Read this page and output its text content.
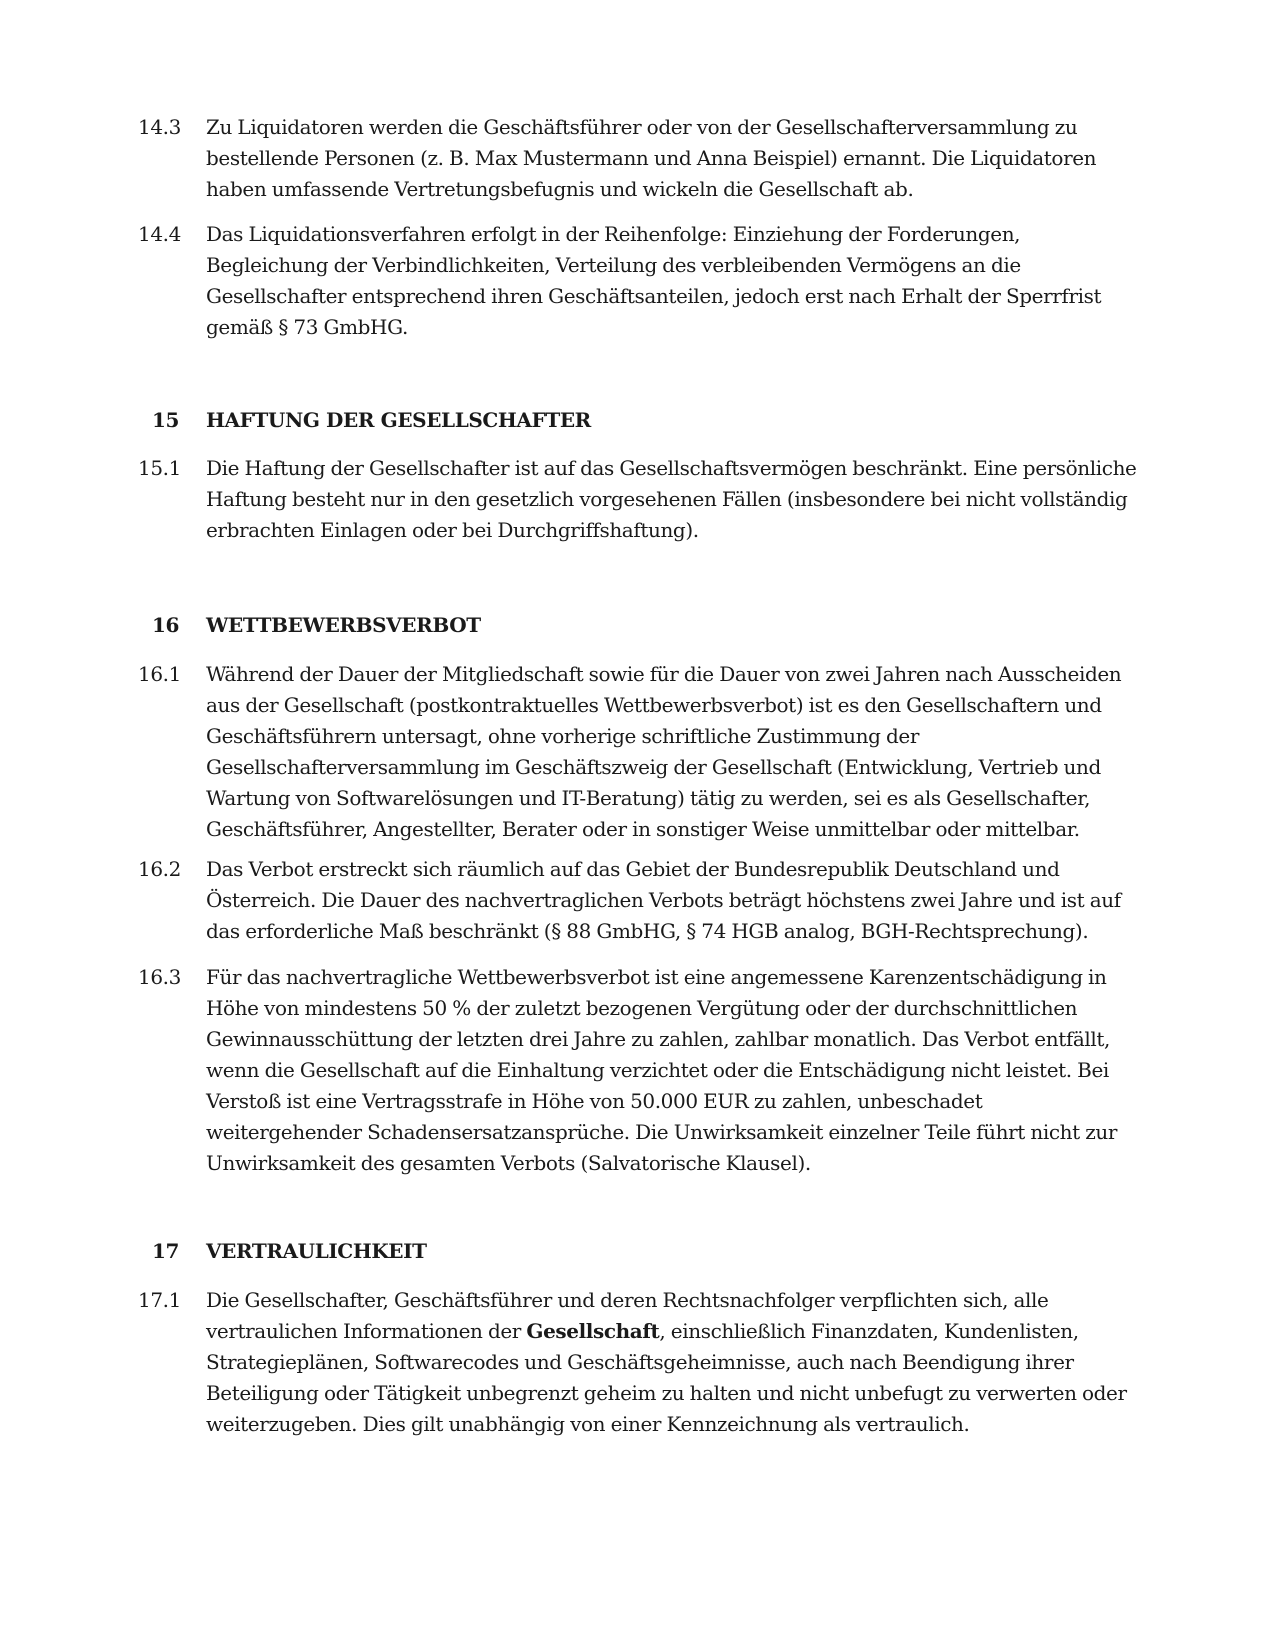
14.3 Zu Liquidatoren werden die Geschäftsführer oder von der Gesellschafterversammlung zu bestellende Personen (z. B. Max Mustermann und Anna Beispiel) ernannt. Die Liquidatoren haben umfassende Vertretungsbefugnis und wickeln die Gesellschaft ab.
14.4 Das Liquidationsverfahren erfolgt in der Reihenfolge: Einziehung der Forderungen, Begleichung der Verbindlichkeiten, Verteilung des verbleibenden Vermögens an die Gesellschafter entsprechend ihren Geschäftsanteilen, jedoch erst nach Erhalt der Sperrfrist gemäß § 73 GmbHG.
15 HAFTUNG DER GESELLSCHAFTER
15.1 Die Haftung der Gesellschafter ist auf das Gesellschaftsvermögen beschränkt. Eine persönliche Haftung besteht nur in den gesetzlich vorgesehenen Fällen (insbesondere bei nicht vollständig erbrachten Einlagen oder bei Durchgriffshaftung).
16 WETTBEWERBSVERBOT
16.1 Während der Dauer der Mitgliedschaft sowie für die Dauer von zwei Jahren nach Ausscheiden aus der Gesellschaft (postkontraktuelles Wettbewerbsverbot) ist es den Gesellschaftern und Geschäftsführern untersagt, ohne vorherige schriftliche Zustimmung der Gesellschafterversammlung im Geschäftszweig der Gesellschaft (Entwicklung, Vertrieb und Wartung von Softwarelösungen und IT-Beratung) tätig zu werden, sei es als Gesellschafter, Geschäftsführer, Angestellter, Berater oder in sonstiger Weise unmittelbar oder mittelbar.
16.2 Das Verbot erstreckt sich räumlich auf das Gebiet der Bundesrepublik Deutschland und Österreich. Die Dauer des nachvertraglichen Verbots beträgt höchstens zwei Jahre und ist auf das erforderliche Maß beschränkt (§ 88 GmbHG, § 74 HGB analog, BGH-Rechtsprechung).
16.3 Für das nachvertragliche Wettbewerbsverbot ist eine angemessene Karenzentschädigung in Höhe von mindestens 50 % der zuletzt bezogenen Vergütung oder der durchschnittlichen Gewinnausschüttung der letzten drei Jahre zu zahlen, zahlbar monatlich. Das Verbot entfällt, wenn die Gesellschaft auf die Einhaltung verzichtet oder die Entschädigung nicht leistet. Bei Verstoß ist eine Vertragsstrafe in Höhe von 50.000 EUR zu zahlen, unbeschadet weitergehender Schadensersatzansprüche. Die Unwirksamkeit einzelner Teile führt nicht zur Unwirksamkeit des gesamten Verbots (Salvatorische Klausel).
17 VERTRAULICHKEIT
17.1 Die Gesellschafter, Geschäftsführer und deren Rechtsnachfolger verpflichten sich, alle vertraulichen Informationen der Gesellschaft, einschließlich Finanzdaten, Kundenlisten, Strategieplänen, Softwarecodes und Geschäftsgeheimnisse, auch nach Beendigung ihrer Beteiligung oder Tätigkeit unbegrenzt geheim zu halten und nicht unbefugt zu verwerten oder weiterzugeben. Dies gilt unabhängig von einer Kennzeichnung als vertraulich.
